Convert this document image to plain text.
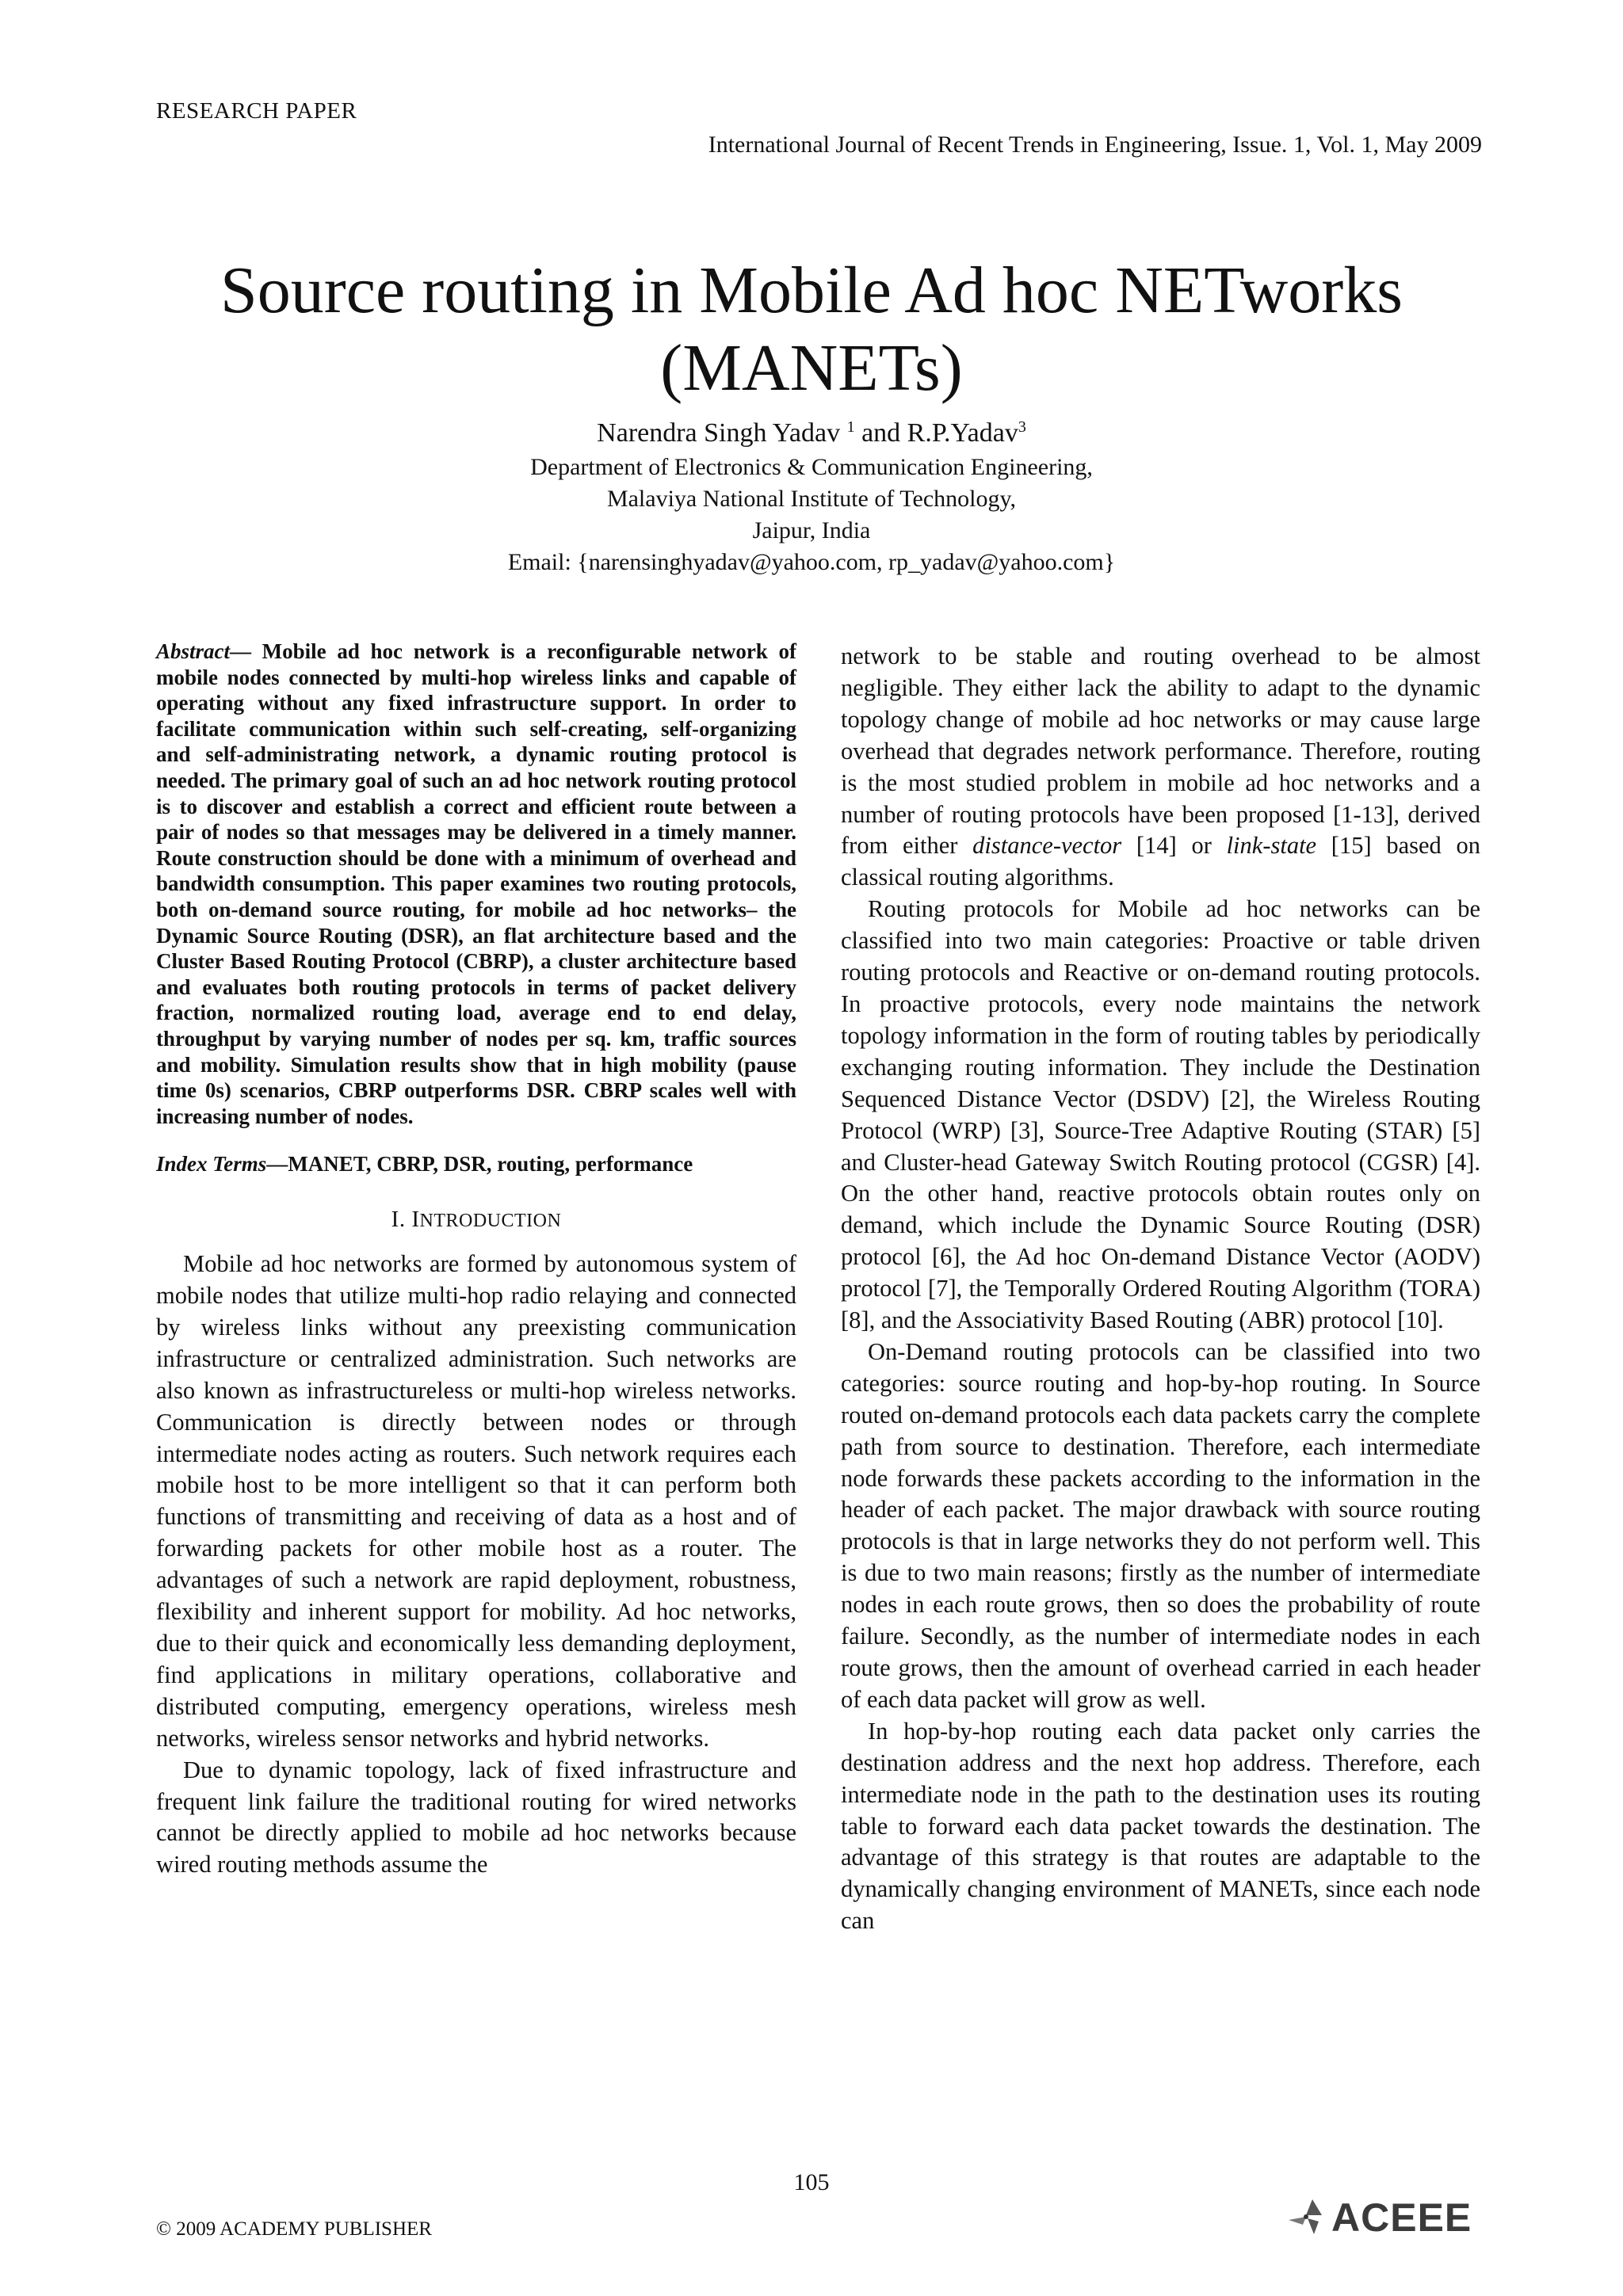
RESEARCH PAPER
International Journal of Recent Trends in Engineering, Issue. 1, Vol. 1, May 2009
Source routing in Mobile Ad hoc NETworks
(MANETs)
Narendra Singh Yadav $^1$ and R.P.Yadav$^3$
Department of Electronics & Communication Engineering,
Malaviya National Institute of Technology,
Jaipur, India
Email: {narensinghyadav@yahoo.com, rp_yadav@yahoo.com}

Abstract— Mobile ad hoc network is a reconfigurable network of mobile nodes connected by multi-hop wireless links and capable of operating without any fixed infrastructure support. In order to facilitate communication within such self-creating, self-organizing and self-administrating network, a dynamic routing protocol is needed. The primary goal of such an ad hoc network routing protocol is to discover and establish a correct and efficient route between a pair of nodes so that messages may be delivered in a timely manner. Route construction should be done with a minimum of overhead and bandwidth consumption. This paper examines two routing protocols, both on-demand source routing, for mobile ad hoc networks– the Dynamic Source Routing (DSR), an flat architecture based and the Cluster Based Routing Protocol (CBRP), a cluster architecture based and evaluates both routing protocols in terms of packet delivery fraction, normalized routing load, average end to end delay, throughput by varying number of nodes per sq. km, traffic sources and mobility. Simulation results show that in high mobility (pause time 0s) scenarios, CBRP outperforms DSR. CBRP scales well with increasing number of nodes.

Index Terms—MANET, CBRP, DSR, routing, performance

I. INTRODUCTION

Mobile ad hoc networks are formed by autonomous system of mobile nodes that utilize multi-hop radio relaying and connected by wireless links without any preexisting communication infrastructure or centralized administration. Such networks are also known as infrastructureless or multi-hop wireless networks. Communication is directly between nodes or through intermediate nodes acting as routers. Such network requires each mobile host to be more intelligent so that it can perform both functions of transmitting and receiving of data as a host and of forwarding packets for other mobile host as a router. The advantages of such a network are rapid deployment, robustness, flexibility and inherent support for mobility. Ad hoc networks, due to their quick and economically less demanding deployment, find applications in military operations, collaborative and distributed computing, emergency operations, wireless mesh networks, wireless sensor networks and hybrid networks.

Due to dynamic topology, lack of fixed infrastructure and frequent link failure the traditional routing for wired networks cannot be directly applied to mobile ad hoc networks because wired routing methods assume the

network to be stable and routing overhead to be almost negligible. They either lack the ability to adapt to the dynamic topology change of mobile ad hoc networks or may cause large overhead that degrades network performance. Therefore, routing is the most studied problem in mobile ad hoc networks and a number of routing protocols have been proposed [1-13], derived from either distance-vector [14] or link-state [15] based on classical routing algorithms.

Routing protocols for Mobile ad hoc networks can be classified into two main categories: Proactive or table driven routing protocols and Reactive or on-demand routing protocols. In proactive protocols, every node maintains the network topology information in the form of routing tables by periodically exchanging routing information. They include the Destination Sequenced Distance Vector (DSDV) [2], the Wireless Routing Protocol (WRP) [3], Source-Tree Adaptive Routing (STAR) [5] and Cluster-head Gateway Switch Routing protocol (CGSR) [4]. On the other hand, reactive protocols obtain routes only on demand, which include the Dynamic Source Routing (DSR) protocol [6], the Ad hoc On-demand Distance Vector (AODV) protocol [7], the Temporally Ordered Routing Algorithm (TORA) [8], and the Associativity Based Routing (ABR) protocol [10].

On-Demand routing protocols can be classified into two categories: source routing and hop-by-hop routing. In Source routed on-demand protocols each data packets carry the complete path from source to destination. Therefore, each intermediate node forwards these packets according to the information in the header of each packet. The major drawback with source routing protocols is that in large networks they do not perform well. This is due to two main reasons; firstly as the number of intermediate nodes in each route grows, then so does the probability of route failure. Secondly, as the number of intermediate nodes in each route grows, then the amount of overhead carried in each header of each data packet will grow as well.

In hop-by-hop routing each data packet only carries the destination address and the next hop address. Therefore, each intermediate node in the path to the destination uses its routing table to forward each data packet towards the destination. The advantage of this strategy is that routes are adaptable to the dynamically changing environment of MANETs, since each node can

105
© 2009 ACADEMY PUBLISHER	ACEEE
